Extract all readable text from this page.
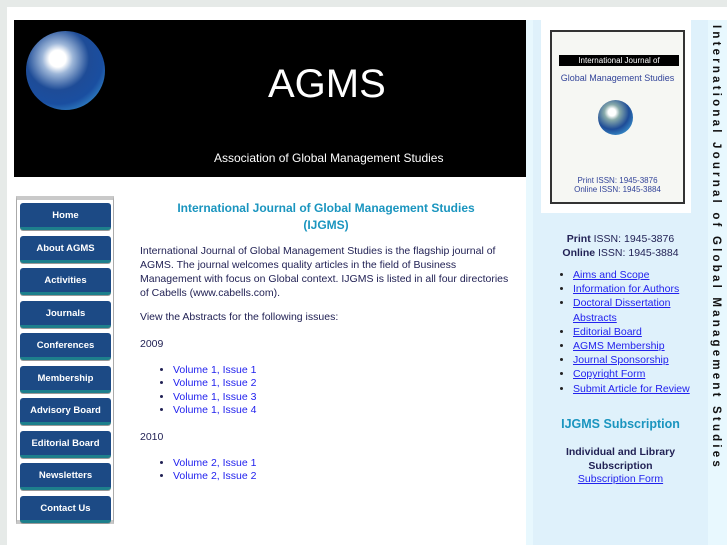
AGMS
Association of Global Management Studies
Home
About AGMS
Activities
Journals
Conferences
Membership
Advisory Board
Editorial Board
Newsletters
Contact Us
International Journal of Global Management Studies
(IJGMS)

International Journal of Global Management Studies is the flagship journal of AGMS. The journal welcomes quality articles in the field of Business Management with focus on Global context. IJGMS is listed in all four directories of Cabells (www.cabells.com).

View the Abstracts for the following issues:

2009
• Volume 1, Issue 1
• Volume 1, Issue 2
• Volume 1, Issue 3
• Volume 1, Issue 4
2010
• Volume 2, Issue 1
• Volume 2, Issue 2
International Journal of
Global Management Studies
Print ISSN: 1945-3876
Online ISSN: 1945-3884
Print ISSN: 1945-3876
Online ISSN: 1945-3884
• Aims and Scope
• Information for Authors
• Doctoral Dissertation Abstracts
• Editorial Board
• AGMS Membership
• Journal Sponsorship
• Copyright Form
• Submit Article for Review
IJGMS Subscription
Individual and Library Subscription
Subscription Form
International Journal of Global Management Studies
